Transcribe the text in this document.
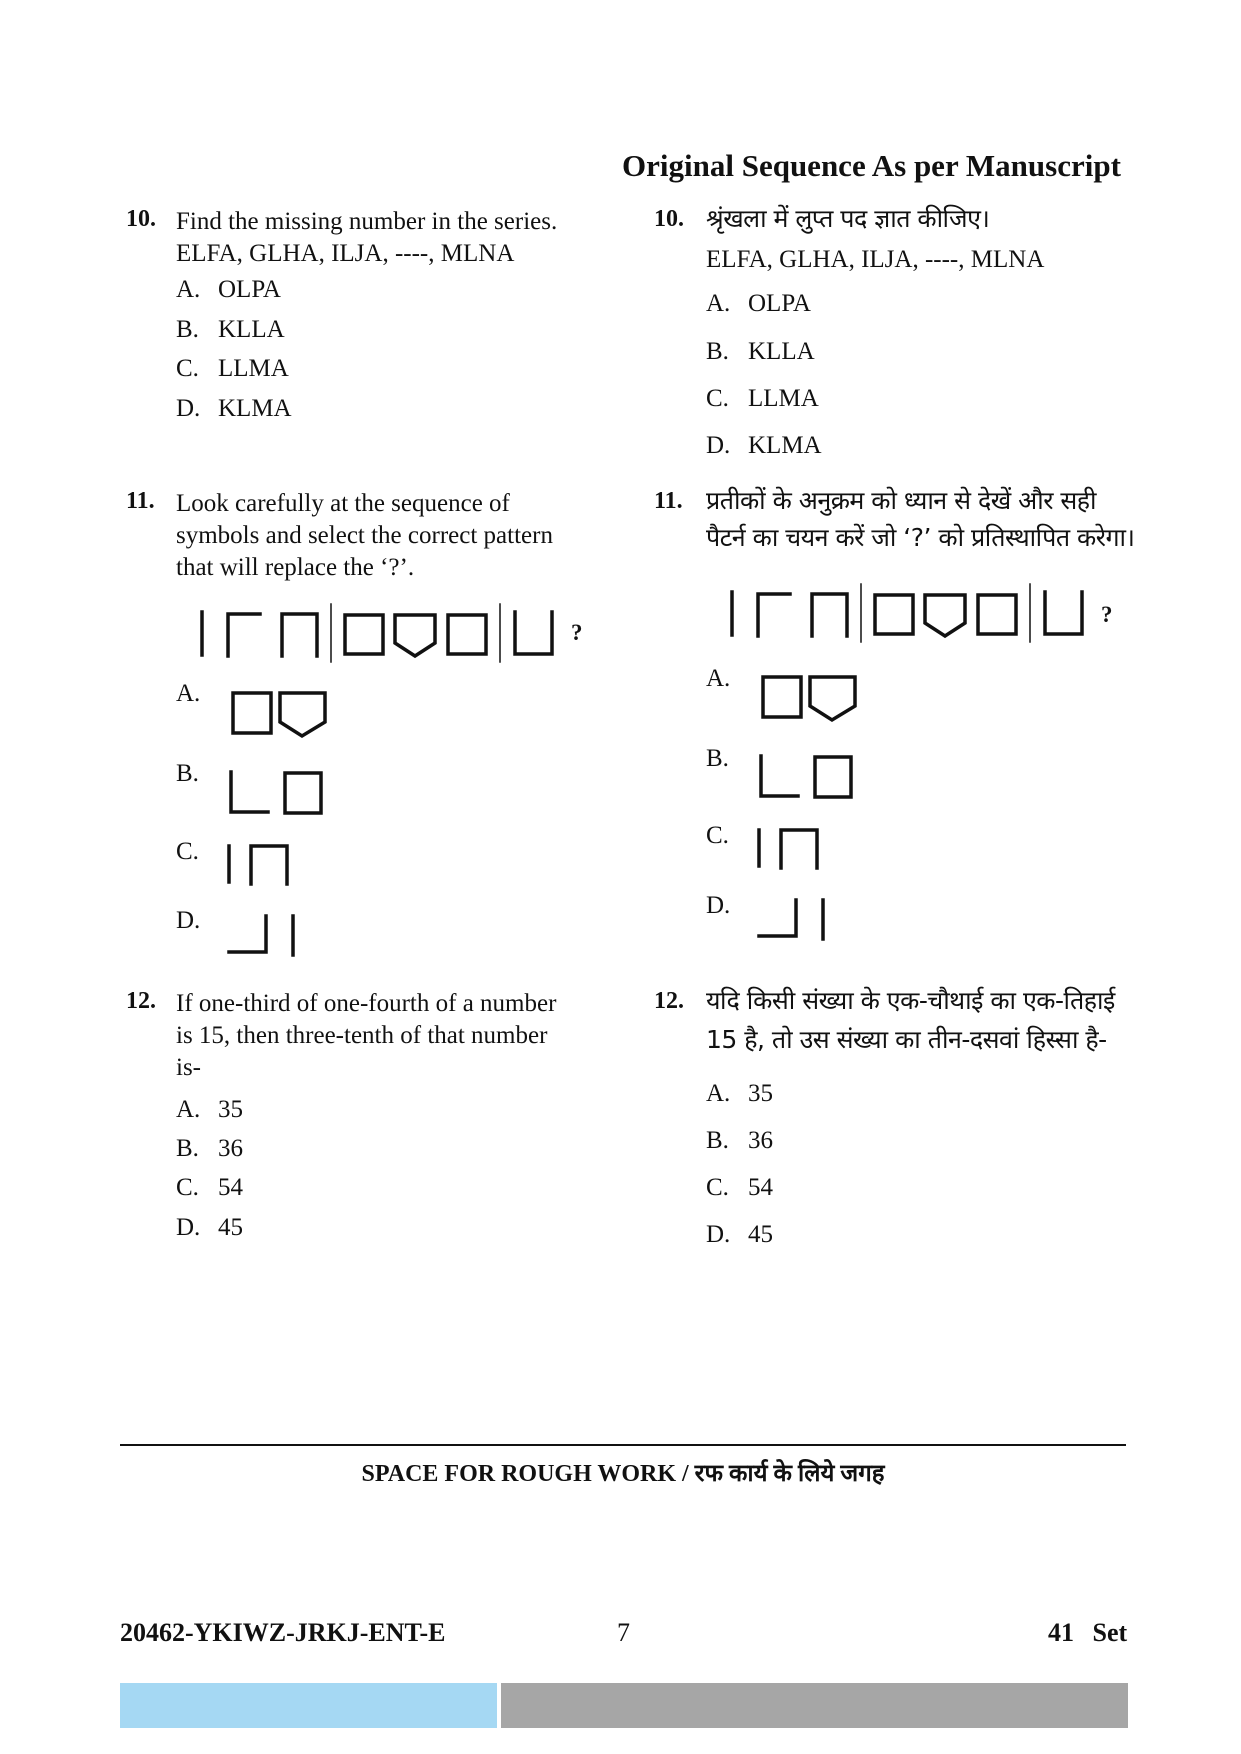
Original Sequence As per Manuscript
10. Find the missing number in the series.
ELFA, GLHA, ILJA, ----, MLNA
A. OLPA
B. KLLA
C. LLMA
D. KLMA
11. Look carefully at the sequence of
symbols and select the correct pattern
that will replace the ‘?’.
?
A.
B.
C.
D.
12. If one-third of one-fourth of a number
is 15, then three-tenth of that number
is-
A. 35
B. 36
C. 54
D. 45
10. श्रृंखला में लुप्त पद ज्ञात कीजिए।
ELFA, GLHA, ILJA, ----, MLNA
A. OLPA
B. KLLA
C. LLMA
D. KLMA
11. प्रतीकों के अनुक्रम को ध्यान से देखें और सही
पैटर्न का चयन करें जो ‘?’ को प्रतिस्थापित करेगा।
?
A.
B.
C.
D.
12. यदि किसी संख्या के एक-चौथाई का एक-तिहाई
15 है, तो उस संख्या का तीन-दसवां हिस्सा है-
A. 35
B. 36
C. 54
D. 45
SPACE FOR ROUGH WORK / रफ कार्य के लिये जगह
20462-YKIWZ-JRKJ-ENT-E	7	41 Set
